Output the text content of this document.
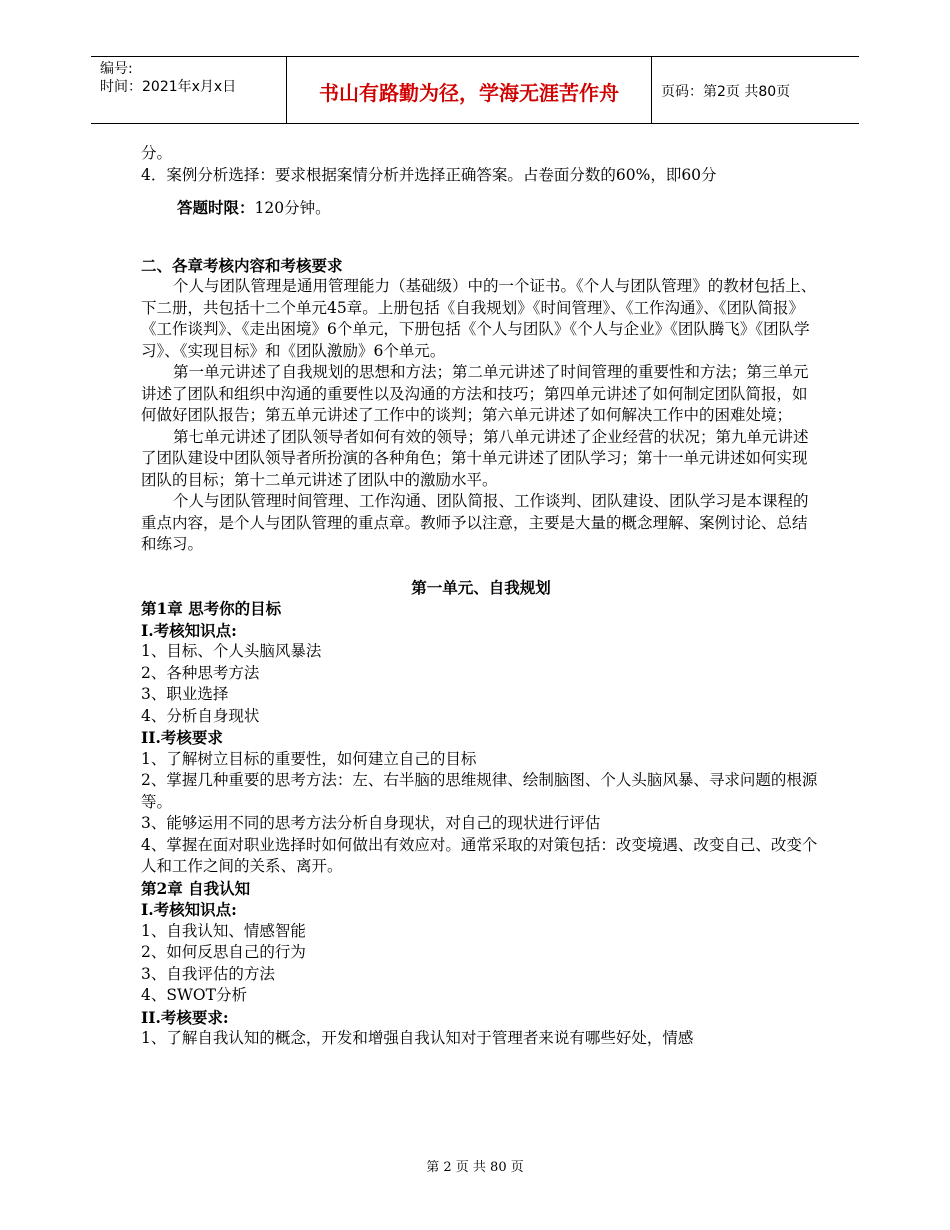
编号:
时间：2021年x月x日	书山有路勤为径，学海无涯苦作舟	页码：第2页 共80页

分。

4．案例分析选择：要求根据案情分析并选择正确答案。占卷面分数的60%，即60分

答题时限：120分钟。

二、各章考核内容和考核要求

个人与团队管理是通用管理能力（基础级）中的一个证书。《个人与团队管理》的教材包括上、下二册，共包括十二个单元45章。上册包括《自我规划》《时间管理》、《工作沟通》、《团队简报》《工作谈判》、《走出困境》6个单元，下册包括《个人与团队》《个人与企业》《团队腾飞》《团队学习》、《实现目标》和《团队激励》6个单元。

第一单元讲述了自我规划的思想和方法；第二单元讲述了时间管理的重要性和方法；第三单元讲述了团队和组织中沟通的重要性以及沟通的方法和技巧；第四单元讲述了如何制定团队简报，如何做好团队报告；第五单元讲述了工作中的谈判；第六单元讲述了如何解决工作中的困难处境；

第七单元讲述了团队领导者如何有效的领导；第八单元讲述了企业经营的状况；第九单元讲述了团队建设中团队领导者所扮演的各种角色；第十单元讲述了团队学习；第十一单元讲述如何实现团队的目标；第十二单元讲述了团队中的激励水平。

个人与团队管理时间管理、工作沟通、团队简报、工作谈判、团队建设、团队学习是本课程的重点内容，是个人与团队管理的重点章。教师予以注意，主要是大量的概念理解、案例讨论、总结和练习。

第一单元、自我规划

第1章 思考你的目标

I.考核知识点:

1、目标、个人头脑风暴法

2、各种思考方法

3、职业选择

4、分析自身现状

II.考核要求

1、了解树立目标的重要性，如何建立自己的目标

2、掌握几种重要的思考方法：左、右半脑的思维规律、绘制脑图、个人头脑风暴、寻求问题的根源等。

3、能够运用不同的思考方法分析自身现状，对自己的现状进行评估

4、掌握在面对职业选择时如何做出有效应对。通常采取的对策包括：改变境遇、改变自己、改变个人和工作之间的关系、离开。

第2章 自我认知

I.考核知识点:

1、自我认知、情感智能

2、如何反思自己的行为

3、自我评估的方法

4、SWOT分析

II.考核要求:

1、了解自我认知的概念，开发和增强自我认知对于管理者来说有哪些好处，情感

第 2 页 共 80 页
